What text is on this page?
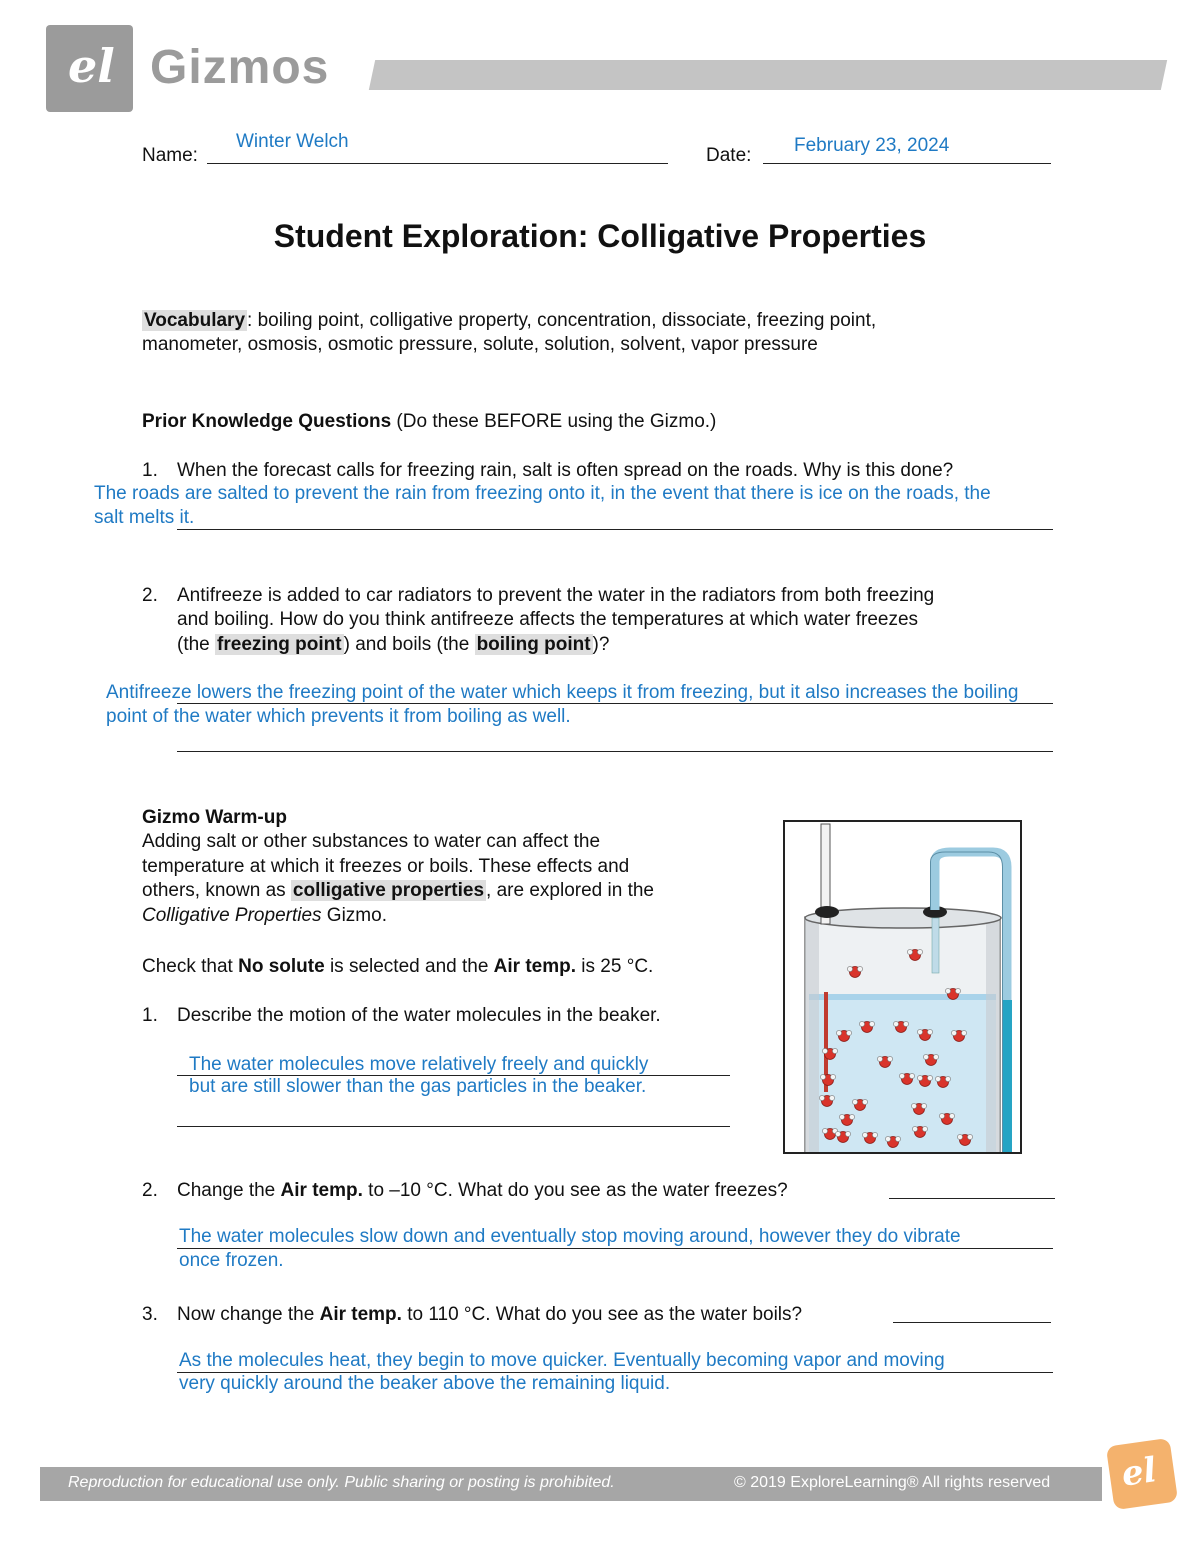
el Gizmos
Name:
Winter Welch
Date: February 23, 2024
Student Exploration: Colligative Properties
Vocabulary : boiling point, colligative property, concentration, dissociate, freezing point,
manometer, osmosis, osmotic pressure, solute, solution, solvent, vapor pressure
Prior Knowledge Questions (Do these BEFORE using the Gizmo.)
1. When the forecast calls for freezing rain, salt is often spread on the roads. Why is this done?
The roads are salted to prevent the rain from freezing onto it, in the event that there is ice on the roads, the
salt melts it.
2. Antifreeze is added to car radiators to prevent the water in the radiators from both freezing
and boiling. How do you think antifreeze affects the temperatures at which water freezes
(the freezing point ) and boils (the boiling point )?
Antifreeze lowers the freezing point of the water which keeps it from freezing, but it also increases the boiling
point of the water which prevents it from boiling as well.
Gizmo Warm-up
Adding salt or other substances to water can affect the
temperature at which it freezes or boils. These effects and
others, known as colligative properties , are explored in the
Colligative Properties Gizmo.
Check that No solute is selected and the Air temp. is 25 °C.
1. Describe the motion of the water molecules in the beaker.
The water molecules move relatively freely and quickly
but are still slower than the gas particles in the beaker.
2. Change the Air temp. to –10 °C. What do you see as the water freezes?
The water molecules slow down and eventually stop moving around, however they do vibrate
once frozen.
3. Now change the Air temp. to 110 °C. What do you see as the water boils?
As the molecules heat, they begin to move quicker. Eventually becoming vapor and moving
very quickly around the beaker above the remaining liquid.
Reproduction for educational use only. Public sharing or posting is prohibited.	© 2019 ExploreLearning® All rights reserved el
